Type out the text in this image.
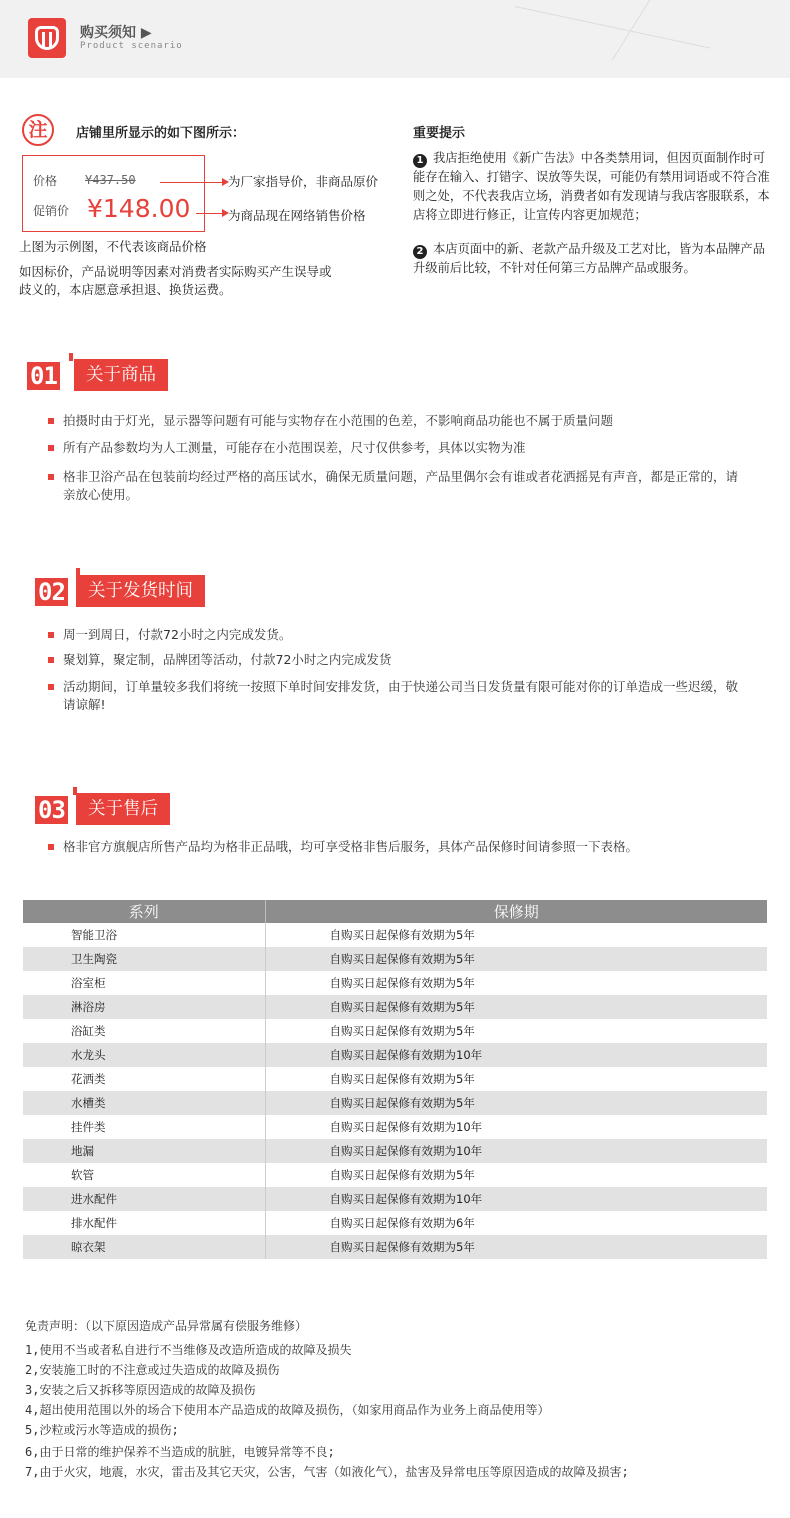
购买须知 ▶
Product scenario
注	店铺里所显示的如下图所示：
价格 ¥437.50
促销价 ¥148.00
为厂家指导价，非商品原价
为商品现在网络销售价格
上图为示例图，不代表该商品价格
如因标价，产品说明等因素对消费者实际购买产生误导或
歧义的，本店愿意承担退、换货运费。
重要提示
1 我店拒绝使用《新广告法》中各类禁用词，但因页面制作时可能存在输入、打错字、误放等失误，可能仍有禁用词语或不符合准则之处，不代表我店立场，消费者如有发现请与我店客服联系，本店将立即进行修正，让宣传内容更加规范；
2 本店页面中的新、老款产品升级及工艺对比，皆为本品牌产品升级前后比较，不针对任何第三方品牌产品或服务。
01	关于商品
拍摄时由于灯光，显示器等问题有可能与实物存在小范围的色差，不影响商品功能也不属于质量问题
所有产品参数均为人工测量，可能存在小范围误差，尺寸仅供参考，具体以实物为准
格非卫浴产品在包装前均经过严格的高压试水，确保无质量问题，产品里偶尔会有谁或者花洒摇晃有声音，都是正常的，请亲放心使用。
02	关于发货时间
周一到周日，付款72小时之内完成发货。
聚划算，聚定制，品牌团等活动，付款72小时之内完成发货
活动期间，订单量较多我们将统一按照下单时间安排发货，由于快递公司当日发货量有限可能对你的订单造成一些迟缓，敬请谅解!
03	关于售后
格非官方旗舰店所售产品均为格非正品哦，均可享受格非售后服务，具体产品保修时间请参照一下表格。
系列	保修期
智能卫浴	自购买日起保修有效期为5年
卫生陶瓷	自购买日起保修有效期为5年
浴室柜	自购买日起保修有效期为5年
淋浴房	自购买日起保修有效期为5年
浴缸类	自购买日起保修有效期为5年
水龙头	自购买日起保修有效期为10年
花洒类	自购买日起保修有效期为5年
水槽类	自购买日起保修有效期为5年
挂件类	自购买日起保修有效期为10年
地漏	自购买日起保修有效期为10年
软管	自购买日起保修有效期为5年
进水配件	自购买日起保修有效期为10年
排水配件	自购买日起保修有效期为6年
晾衣架	自购买日起保修有效期为5年
免责声明：（以下原因造成产品异常属有偿服务维修）
1,使用不当或者私自进行不当维修及改造所造成的故障及损失
2,安装施工时的不注意或过失造成的故障及损伤
3,安装之后又拆移等原因造成的故障及损伤
4,超出使用范围以外的场合下使用本产品造成的故障及损伤，（如家用商品作为业务上商品使用等）
5,沙粒或污水等造成的损伤;
6,由于日常的维护保养不当造成的肮脏，电镀异常等不良;
7,由于火灾，地震，水灾，雷击及其它天灾，公害，气害（如液化气），盐害及异常电压等原因造成的故障及损害;
